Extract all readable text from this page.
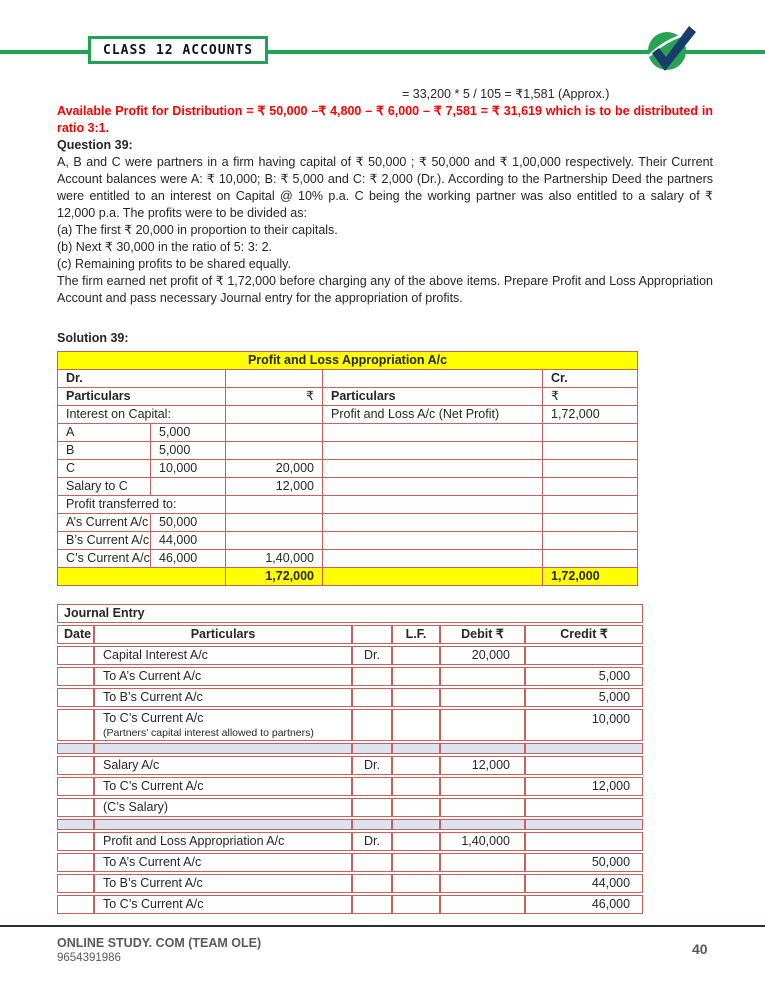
CLASS 12 ACCOUNTS
= 33,200 * 5 / 105 = ₹1,581 (Approx.)
Available Profit for Distribution = ₹ 50,000 –₹ 4,800 – ₹ 6,000 – ₹ 7,581 = ₹ 31,619 which is to be distributed in ratio 3:1.
Question 39:
A, B and C were partners in a firm having capital of ₹ 50,000 ; ₹ 50,000 and ₹ 1,00,000 respectively. Their Current Account balances were A: ₹ 10,000; B: ₹ 5,000 and C: ₹ 2,000 (Dr.). According to the Partnership Deed the partners were entitled to an interest on Capital @ 10% p.a. C being the working partner was also entitled to a salary of ₹ 12,000 p.a. The profits were to be divided as:
(a) The first ₹ 20,000 in proportion to their capitals.
(b) Next ₹ 30,000 in the ratio of 5: 3: 2.
(c) Remaining profits to be shared equally.
The firm earned net profit of ₹ 1,72,000 before charging any of the above items. Prepare Profit and Loss Appropriation Account and pass necessary Journal entry for the appropriation of profits.
Solution 39:
Profit and Loss Appropriation A/c				
Dr.				Cr.
Particulars		₹	Particulars	₹
Interest on Capital:			Profit and Loss A/c (Net Profit)	1,72,000
A	5,000			
B	5,000			
C	10,000	20,000		
Salary to C		12,000		
Profit transferred to:				
A’s Current A/c	50,000			
B’s Current A/c	44,000			
C’s Current A/c	46,000	1,40,000		
		1,72,000		1,72,000
Journal Entry					
Date	Particulars		L.F.	Debit ₹	Credit ₹
	Capital Interest A/c	Dr.		20,000	
	To A’s Current A/c				5,000
	To B’s Current A/c				5,000

	To C’s Current A/c
(Partners’ capital interest allowed to partners)				10,000

	Salary A/c	Dr.		12,000	
	To C’s Current A/c				12,000
	(C’s Salary)				

	Profit and Loss Appropriation A/c	Dr.		1,40,000	
	To A’s Current A/c				50,000
	To B’s Current A/c				44,000
	To C’s Current A/c				46,000
ONLINE STUDY. COM (TEAM OLE)
9654391986
40
